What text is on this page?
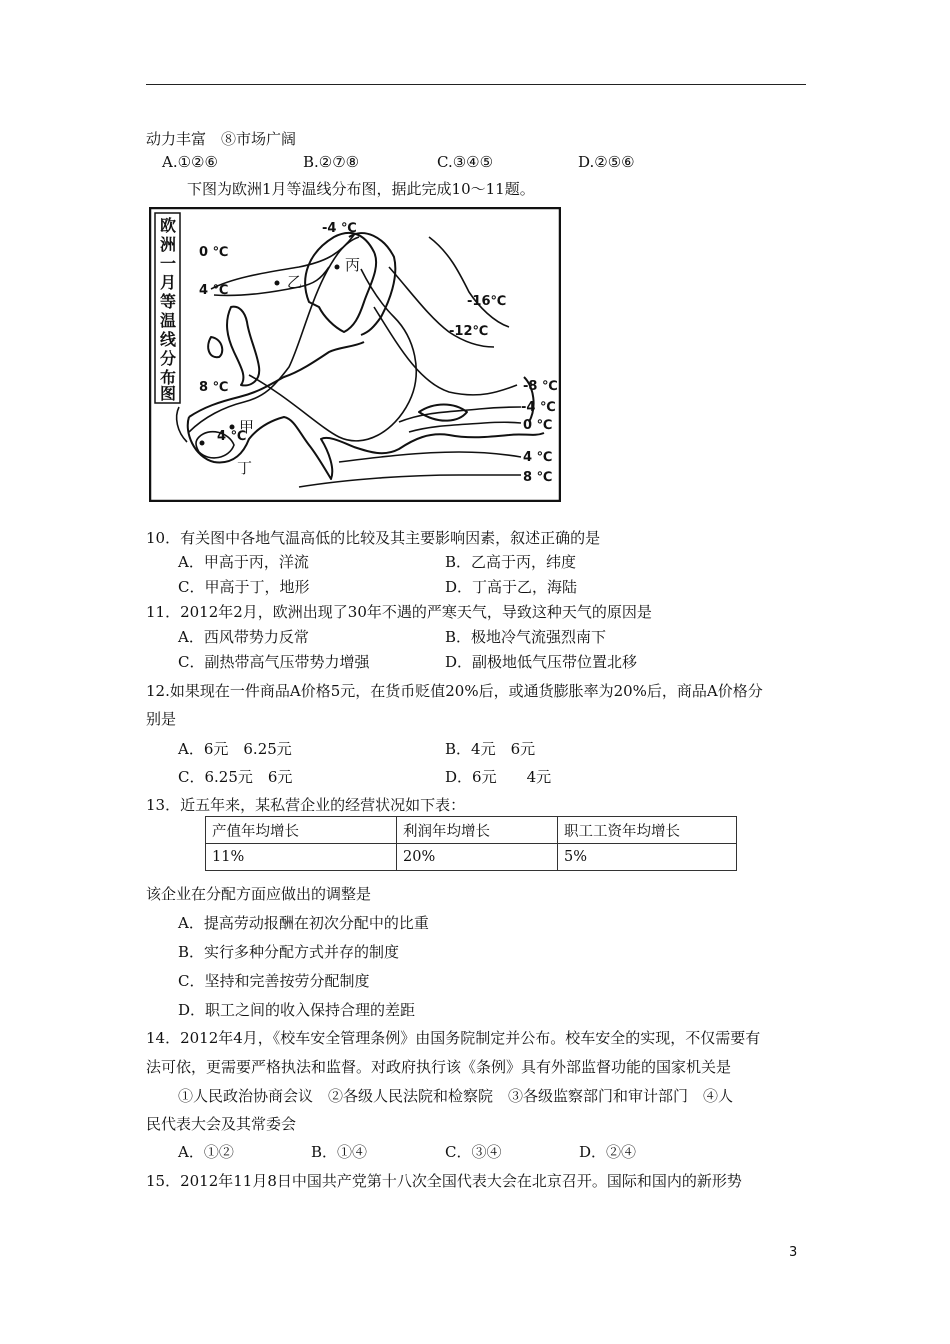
动力丰富　⑧市场广阔
A.①②⑥	B.②⑦⑧	C.③④⑤	D.②⑤⑥
下图为欧洲1月等温线分布图，据此完成10～11题。
欧
洲
一
月
等
温
线
分
布
图
-4 ℃
0 ℃
4 ℃
-16℃
-12℃
8 ℃	-8 ℃
-4 ℃
0 ℃
4 ℃
8 ℃
4 ℃
丙
乙
甲
丁
10．有关图中各地气温高低的比较及其主要影响因素，叙述正确的是
A．甲高于丙，洋流	B．乙高于丙，纬度
C．甲高于丁，地形	D．丁高于乙，海陆
11．2012年2月，欧洲出现了30年不遇的严寒天气，导致这种天气的原因是
A．西风带势力反常	B．极地冷气流强烈南下
C．副热带高气压带势力增强	D．副极地低气压带位置北移
12.如果现在一件商品A价格5元，在货币贬值20%后，或通货膨胀率为20%后，商品A价格分
别是
A．6元　6.25元	B．4元　6元
C．6.25元　6元	D．6元　　4元
13．近五年来，某私营企业的经营状况如下表：
产值年均增长	利润年均增长	职工工资年均增长
11%	20%	5%
该企业在分配方面应做出的调整是
A．提高劳动报酬在初次分配中的比重
B．实行多种分配方式并存的制度
C．坚持和完善按劳分配制度
D．职工之间的收入保持合理的差距
14．2012年4月，《校车安全管理条例》由国务院制定并公布。校车安全的实现，不仅需要有
法可依，更需要严格执法和监督。对政府执行该《条例》具有外部监督功能的国家机关是
①人民政治协商会议　②各级人民法院和检察院　③各级监察部门和审计部门　④人
民代表大会及其常委会
A．①②	B．①④	C．③④	D．②④
15．2012年11月8日中国共产党第十八次全国代表大会在北京召开。国际和国内的新形势
3
